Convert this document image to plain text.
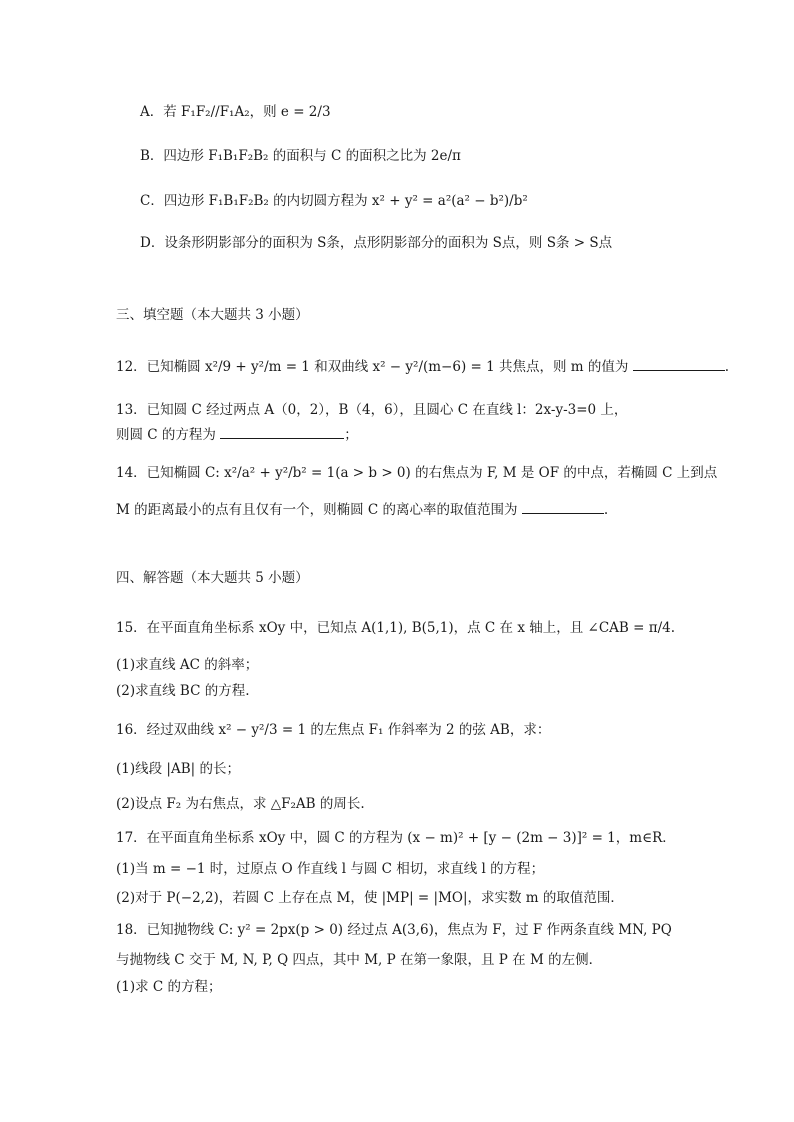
A．若 F₁F₂//F₁A₂，则 e = 2/3
B．四边形 F₁B₁F₂B₂ 的面积与 C 的面积之比为 2e/π
C．四边形 F₁B₁F₂B₂ 的内切圆方程为 x² + y² = a²(a² − b²)/b²
D．设条形阴影部分的面积为 S条，点形阴影部分的面积为 S点，则 S条 > S点
三、填空题（本大题共 3 小题）
12．已知椭圆 x²/9 + y²/m = 1 和双曲线 x² − y²/(m−6) = 1 共焦点，则 m 的值为	.
13．已知圆 C 经过两点 A（0，2），B（4，6），且圆心 C 在直线 l：2x-y-3=0 上，
则圆 C 的方程为	；
14．已知椭圆 C: x²/a² + y²/b² = 1(a > b > 0) 的右焦点为 F, M 是 OF 的中点，若椭圆 C 上到点
M 的距离最小的点有且仅有一个，则椭圆 C 的离心率的取值范围为	.
四、解答题（本大题共 5 小题）
15．在平面直角坐标系 xOy 中，已知点 A(1,1), B(5,1)，点 C 在 x 轴上，且 ∠CAB = π/4.
(1)求直线 AC 的斜率；
(2)求直线 BC 的方程.
16．经过双曲线 x² − y²/3 = 1 的左焦点 F₁ 作斜率为 2 的弦 AB，求：
(1)线段 |AB| 的长；
(2)设点 F₂ 为右焦点，求 △F₂AB 的周长.
17．在平面直角坐标系 xOy 中，圆 C 的方程为 (x − m)² + [y − (2m − 3)]² = 1，m∈R．
(1)当 m = −1 时，过原点 O 作直线 l 与圆 C 相切，求直线 l 的方程；
(2)对于 P(−2,2)，若圆 C 上存在点 M，使 |MP| = |MO|，求实数 m 的取值范围．
18．已知抛物线 C: y² = 2px(p > 0) 经过点 A(3,6)，焦点为 F，过 F 作两条直线 MN, PQ
与抛物线 C 交于 M, N, P, Q 四点，其中 M, P 在第一象限，且 P 在 M 的左侧．
(1)求 C 的方程；
